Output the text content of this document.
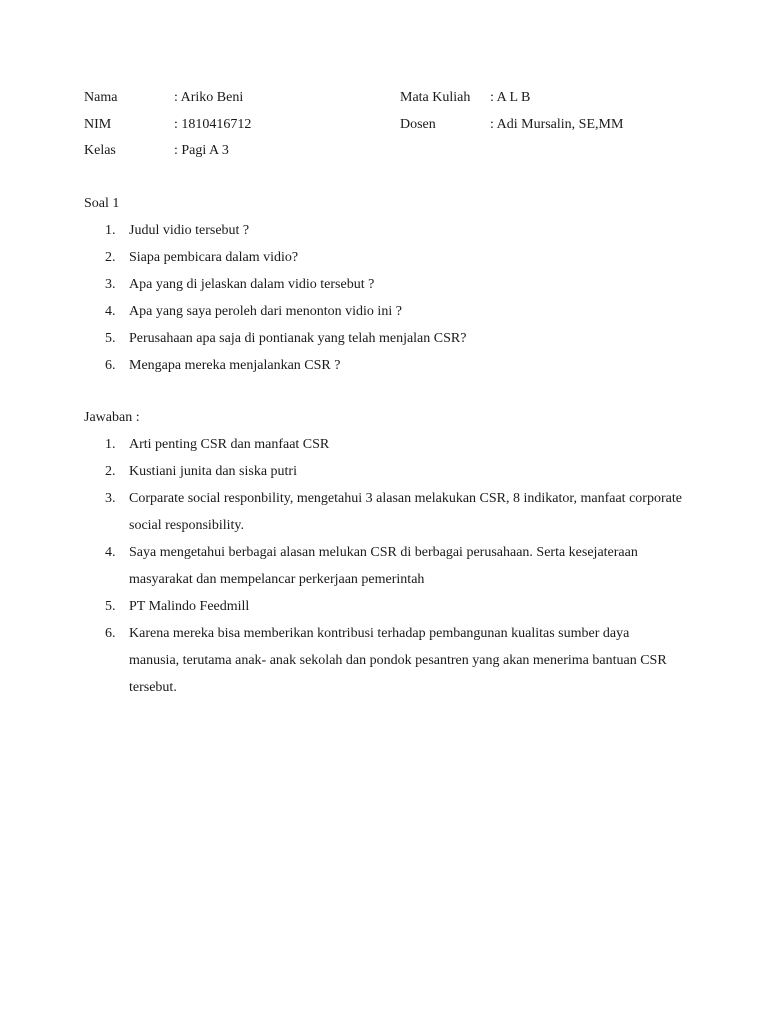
Nama	: Ariko Beni	Mata Kuliah : A L B
NIM	: 1810416712	Dosen	: Adi Mursalin, SE,MM
Kelas	: Pagi A 3
Soal 1
1. Judul vidio tersebut ?
2. Siapa pembicara dalam vidio?
3. Apa yang di jelaskan dalam vidio tersebut ?
4. Apa yang saya peroleh dari menonton vidio ini ?
5. Perusahaan apa saja di pontianak yang telah menjalan CSR?
6. Mengapa mereka menjalankan CSR ?
Jawaban :
1. Arti penting CSR dan manfaat CSR
2. Kustiani junita dan siska putri
3. Corparate social responbility, mengetahui 3 alasan melakukan CSR, 8 indikator, manfaat corporate social responsibility.
4. Saya mengetahui berbagai alasan melukan CSR di berbagai perusahaan. Serta kesejateraan masyarakat dan mempelancar perkerjaan pemerintah
5. PT Malindo Feedmill
6. Karena mereka bisa memberikan kontribusi terhadap pembangunan kualitas sumber daya manusia, terutama anak- anak sekolah dan pondok pesantren yang akan menerima bantuan CSR tersebut.
